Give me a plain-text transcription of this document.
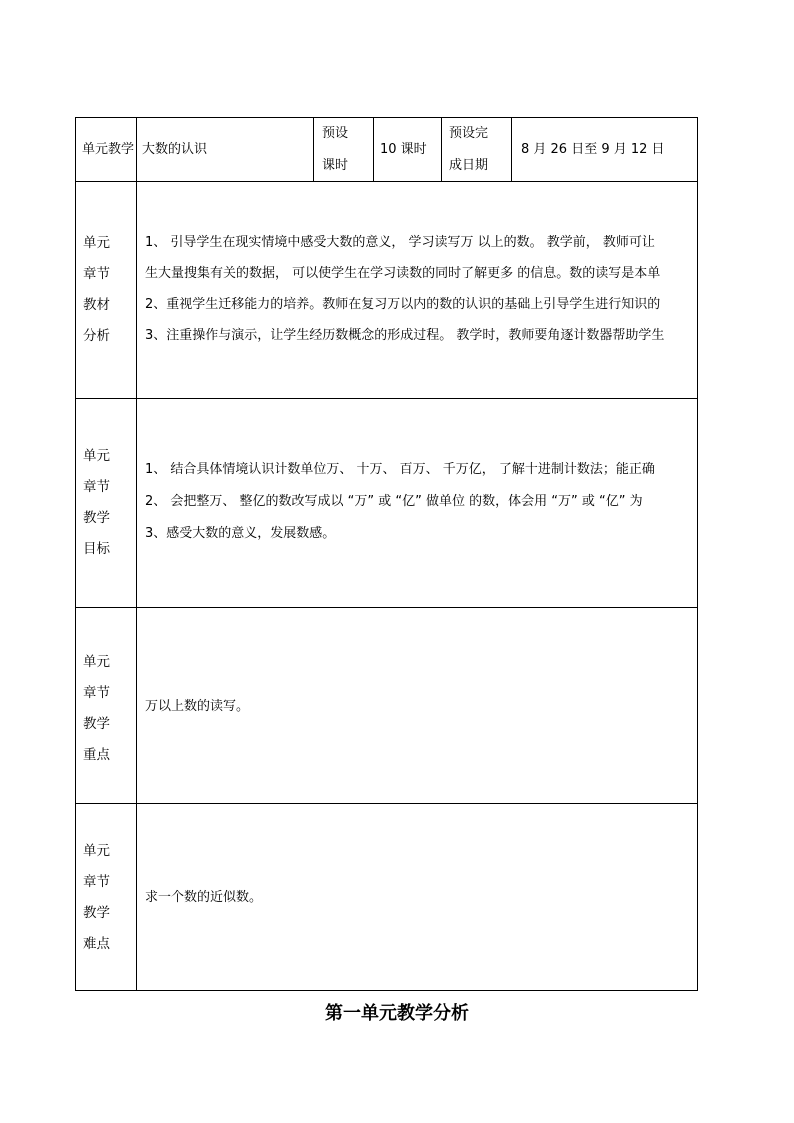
单元教学 大数的认识
预设
课时
10 课时
预设完
成日期
8 月 26 日至 9 月 12 日
单元
章节
教材
分析
1、 引导学生在现实情境中感受大数的意义， 学习读写万 以上的数。 教学前， 教师可让
生大量搜集有关的数据， 可以使学生在学习读数的同时了解更多 的信息。数的读写是本单
2、重视学生迁移能力的培养。教师在复习万以内的数的认识的基础上引导学生进行知识的
3、注重操作与演示，让学生经历数概念的形成过程。 教学时，教师要角逐计数器帮助学生
单元
章节
教学
目标
1、 结合具体情境认识计数单位万、 十万、 百万、 千万亿， 了解十进制计数法；能正确
2、 会把整万、 整亿的数改写成以 “万” 或 “亿” 做单位 的数，体会用 “万” 或 “亿” 为
3、感受大数的意义，发展数感。
单元
章节
教学
重点
万以上数的读写。
单元
章节
教学
难点
求一个数的近似数。
第一单元教学分析
